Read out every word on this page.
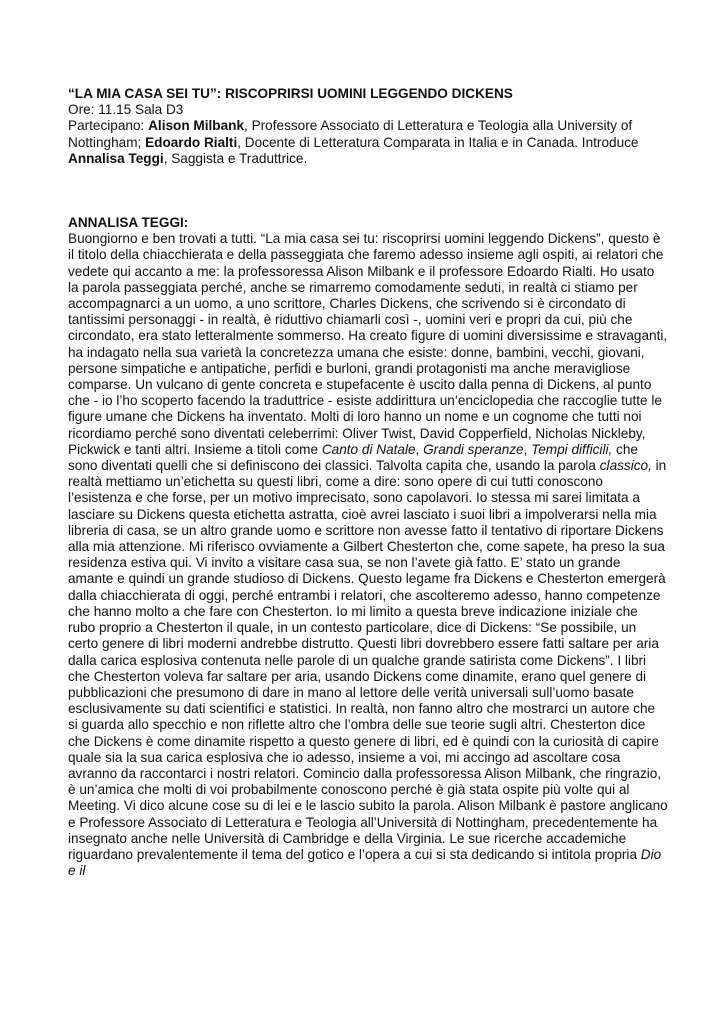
“LA MIA CASA SEI TU”: RISCOPRIRSI UOMINI LEGGENDO DICKENS

Ore: 11.15 Sala D3

Partecipano: Alison Milbank, Professore Associato di Letteratura e Teologia alla University of Nottingham; Edoardo Rialti, Docente di Letteratura Comparata in Italia e in Canada. Introduce Annalisa Teggi, Saggista e Traduttrice.

ANNALISA TEGGI:

Buongiorno e ben trovati a tutti. “La mia casa sei tu: riscoprirsi uomini leggendo Dickens”, questo è il titolo della chiacchierata e della passeggiata che faremo adesso insieme agli ospiti, ai relatori che vedete qui accanto a me: la professoressa Alison Milbank e il professore Edoardo Rialti. Ho usato la parola passeggiata perché, anche se rimarremo comodamente seduti, in realtà ci stiamo per accompagnarci a un uomo, a uno scrittore, Charles Dickens, che scrivendo si è circondato di tantissimi personaggi - in realtà, è riduttivo chiamarli così -, uomini veri e propri da cui, più che circondato, era stato letteralmente sommerso. Ha creato figure di uomini diversissime e stravaganti, ha indagato nella sua varietà la concretezza umana che esiste: donne, bambini, vecchi, giovani, persone simpatiche e antipatiche, perfidi e burloni, grandi protagonisti ma anche meravigliose comparse. Un vulcano di gente concreta e stupefacente è uscito dalla penna di Dickens, al punto che - io l’ho scoperto facendo la traduttrice - esiste addirittura un’enciclopedia che raccoglie tutte le figure umane che Dickens ha inventato. Molti di loro hanno un nome e un cognome che tutti noi ricordiamo perché sono diventati celeberrimi: Oliver Twist, David Copperfield, Nicholas Nickleby, Pickwick e tanti altri. Insieme a titoli come Canto di Natale, Grandi speranze, Tempi difficili, che sono diventati quelli che si definiscono dei classici. Talvolta capita che, usando la parola classico, in realtà mettiamo un’etichetta su questi libri, come a dire: sono opere di cui tutti conoscono l’esistenza e che forse, per un motivo imprecisato, sono capolavori. Io stessa mi sarei limitata a lasciare su Dickens questa etichetta astratta, cioè avrei lasciato i suoi libri a impolverarsi nella mia libreria di casa, se un altro grande uomo e scrittore non avesse fatto il tentativo di riportare Dickens alla mia attenzione. Mi riferisco ovviamente a Gilbert Chesterton che, come sapete, ha preso la sua residenza estiva qui. Vi invito a visitare casa sua, se non l’avete già fatto. E’ stato un grande amante e quindi un grande studioso di Dickens. Questo legame fra Dickens e Chesterton emergerà dalla chiacchierata di oggi, perché entrambi i relatori, che ascolteremo adesso, hanno competenze che hanno molto a che fare con Chesterton. Io mi limito a questa breve indicazione iniziale che rubo proprio a Chesterton il quale, in un contesto particolare, dice di Dickens: “Se possibile, un certo genere di libri moderni andrebbe distrutto. Questi libri dovrebbero essere fatti saltare per aria dalla carica esplosiva contenuta nelle parole di un qualche grande satirista come Dickens”. I libri che Chesterton voleva far saltare per aria, usando Dickens come dinamite, erano quel genere di pubblicazioni che presumono di dare in mano al lettore delle verità universali sull’uomo basate esclusivamente su dati scientifici e statistici. In realtà, non fanno altro che mostrarci un autore che si guarda allo specchio e non riflette altro che l’ombra delle sue teorie sugli altri. Chesterton dice che Dickens è come dinamite rispetto a questo genere di libri, ed è quindi con la curiosità di capire quale sia la sua carica esplosiva che io adesso, insieme a voi, mi accingo ad ascoltare cosa avranno da raccontarci i nostri relatori. Comincio dalla professoressa Alison Milbank, che ringrazio, è un’amica che molti di voi probabilmente conoscono perché è già stata ospite più volte qui al Meeting. Vi dico alcune cose su di lei e le lascio subito la parola. Alison Milbank è pastore anglicano e Professore Associato di Letteratura e Teologia all’Università di Nottingham, precedentemente ha insegnato anche nelle Università di Cambridge e della Virginia. Le sue ricerche accademiche riguardano prevalentemente il tema del gotico e l’opera a cui si sta dedicando si intitola propria Dio e il
